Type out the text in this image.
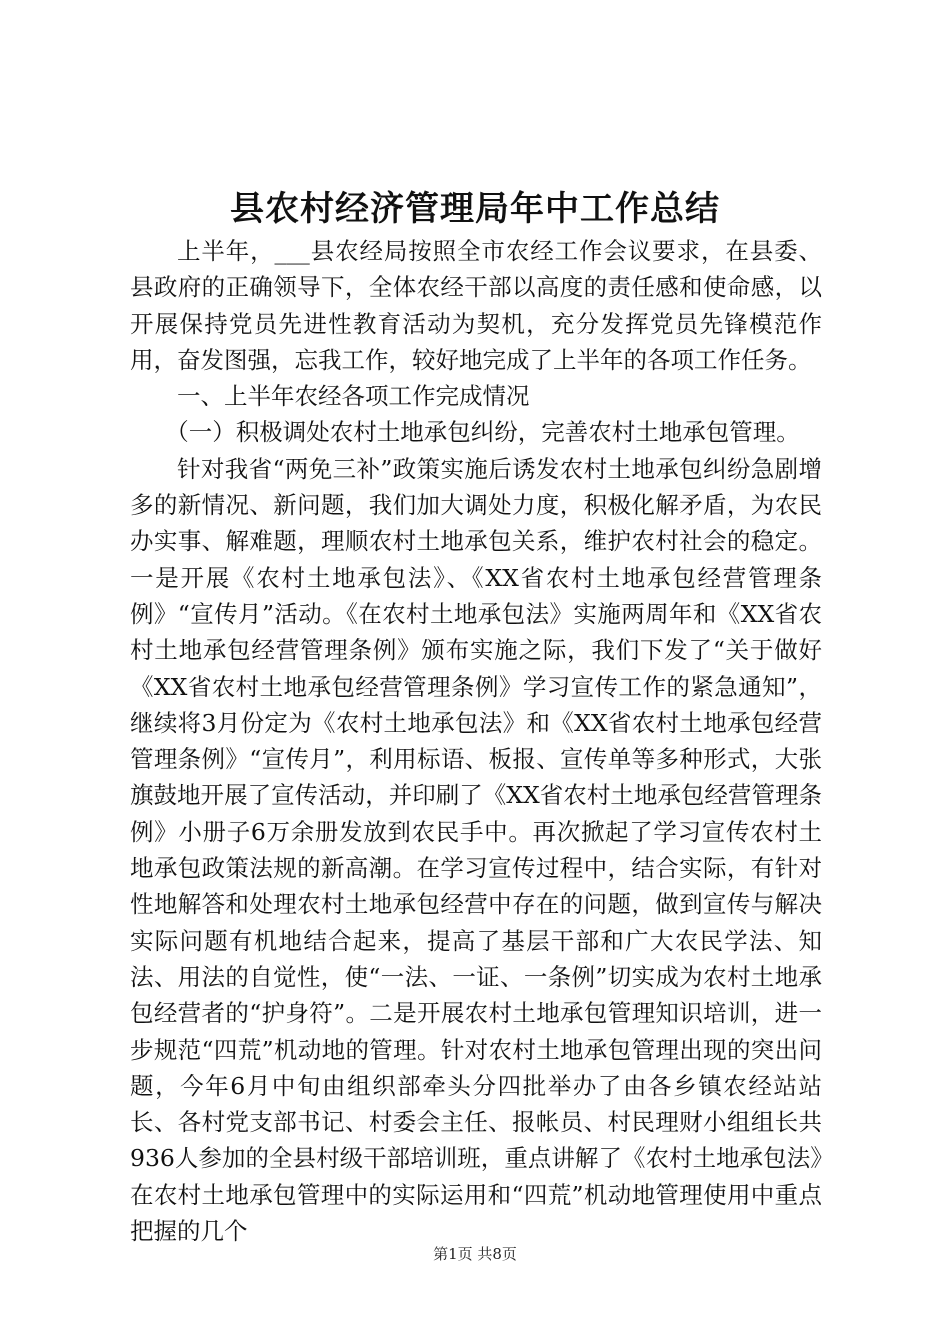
县农村经济管理局年中工作总结

上半年，___县农经局按照全市农经工作会议要求，在县委、县政府的正确领导下，全体农经干部以高度的责任感和使命感，以开展保持党员先进性教育活动为契机，充分发挥党员先锋模范作用，奋发图强，忘我工作，较好地完成了上半年的各项工作任务。

一、上半年农经各项工作完成情况

（一）积极调处农村土地承包纠纷，完善农村土地承包管理。

针对我省“两免三补”政策实施后诱发农村土地承包纠纷急剧增多的新情况、新问题，我们加大调处力度，积极化解矛盾，为农民办实事、解难题，理顺农村土地承包关系，维护农村社会的稳定。一是开展《农村土地承包法》、《XX省农村土地承包经营管理条例》“宣传月”活动。《在农村土地承包法》实施两周年和《XX省农村土地承包经营管理条例》颁布实施之际，我们下发了“关于做好《XX省农村土地承包经营管理条例》学习宣传工作的紧急通知”，继续将3月份定为《农村土地承包法》和《XX省农村土地承包经营管理条例》“宣传月”，利用标语、板报、宣传单等多种形式，大张旗鼓地开展了宣传活动，并印刷了《XX省农村土地承包经营管理条例》小册子6万余册发放到农民手中。再次掀起了学习宣传农村土地承包政策法规的新高潮。在学习宣传过程中，结合实际，有针对性地解答和处理农村土地承包经营中存在的问题，做到宣传与解决实际问题有机地结合起来，提高了基层干部和广大农民学法、知法、用法的自觉性，使“一法、一证、一条例”切实成为农村土地承包经营者的“护身符”。二是开展农村土地承包管理知识培训，进一步规范“四荒”机动地的管理。针对农村土地承包管理出现的突出问题，今年6月中旬由组织部牵头分四批举办了由各乡镇农经站站长、各村党支部书记、村委会主任、报帐员、村民理财小组组长共936人参加的全县村级干部培训班，重点讲解了《农村土地承包法》在农村土地承包管理中的实际运用和“四荒”机动地管理使用中重点把握的几个

第1页 共8页
